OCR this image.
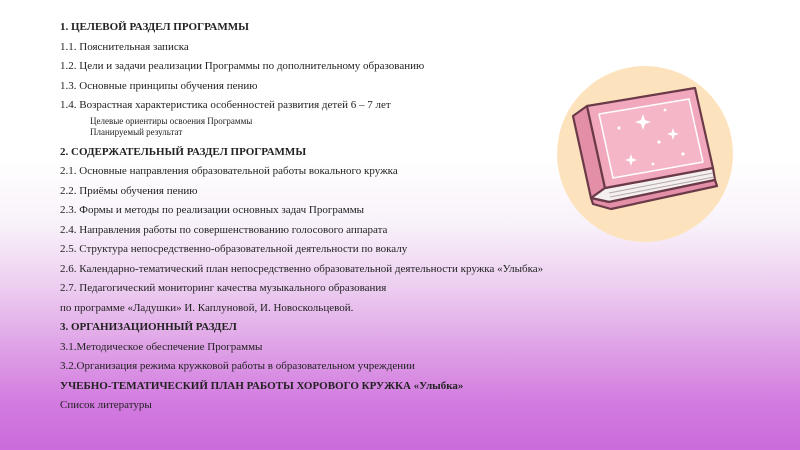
1. ЦЕЛЕВОЙ РАЗДЕЛ ПРОГРАММЫ
1.1. Пояснительная записка
1.2. Цели и задачи реализации Программы по дополнительному образованию
1.3. Основные принципы обучения пению
1.4. Возрастная характеристика особенностей развития детей 6 – 7 лет
Целевые ориентиры освоения Программы
Планируемый результат
2. СОДЕРЖАТЕЛЬНЫЙ РАЗДЕЛ ПРОГРАММЫ
2.1. Основные направления образовательной работы вокального кружка
2.2. Приёмы обучения пению
2.3. Формы и методы по реализации основных задач Программы
2.4. Направления работы по совершенствованию голосового аппарата
2.5. Структура непосредственно-образовательной деятельности по вокалу
2.6. Календарно-тематический план непосредственно образовательной деятельности кружка «Улыбка»
2.7. Педагогический мониторинг качества музыкального образования
по программе «Ладушки» И. Каплуновой, И. Новоскольцевой.
3. ОРГАНИЗАЦИОННЫЙ РАЗДЕЛ
3.1.Методическое обеспечение Программы
3.2.Организация режима кружковой работы в образовательном учреждении
УЧЕБНО-ТЕМАТИЧЕСКИЙ ПЛАН РАБОТЫ ХОРОВОГО КРУЖКА «Улыбка»
Список литературы
